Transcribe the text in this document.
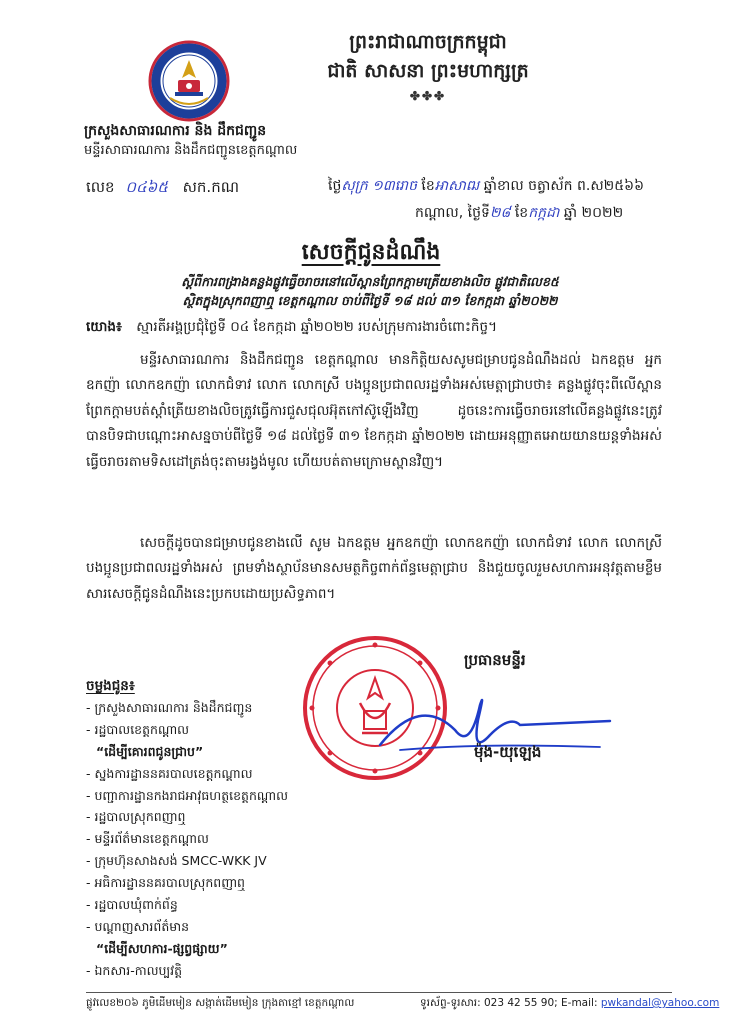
ព្រះរាជាណាចក្រកម្ពុជា
ជាតិ សាសនា ព្រះមហាក្សត្រ
✤✤✤
ក្រសួងសាធារណការ និង ដឹកជញ្ជូន
មន្ទីរសាធារណការ និងដឹកជញ្ជូនខេត្តកណ្តាល
លេខ ០៤៦៥ សក.កណ	ថ្ងៃសុក្រ ១៣រោច ខែអាសាឍ ឆ្នាំខាល ចត្វាស័ក ព.ស២៥៦៦
កណ្តាល, ថ្ងៃទី២៨ ខែកក្កដា ឆ្នាំ ២០២២
សេចក្តីជូនដំណឹង
ស្តីពីការពង្រាងគន្លងផ្លូវធ្វើចរាចរនៅលើស្ពានព្រែកក្តាមត្រើយខាងលិច ផ្លូវជាតិលេខ៥
ស្ថិតក្នុងស្រុកពញាឮ ខេត្តកណ្តាល ចាប់ពីថ្ងៃទី ១៨ ដល់ ៣១ ខែកក្កដា ឆ្នាំ២០២២
យោង៖ ស្មារតីអង្គប្រជុំថ្ងៃទី ០៤ ខែកក្កដា ឆ្នាំ២០២២ របស់ក្រុមការងារចំពោះកិច្ច។
មន្ទីរសាធារណការ និងដឹកជញ្ជូន ខេត្តកណ្តាល មានកិត្តិយសសូមជម្រាបជូនដំណឹងដល់ ឯកឧត្តម អ្នកឧកញ៉ា លោកឧកញ៉ា លោកជំទាវ លោក លោកស្រី បងប្អូនប្រជាពលរដ្ឋទាំងអស់មេត្តាជ្រាបថា៖ គន្លងផ្លូវចុះពីលើស្ពានព្រែកក្តាមបត់ស្តាំត្រើយខាងលិចត្រូវធ្វើការជួសជុលអ៊ុតកៅស៊ូឡើងវិញ ដូចនេះការធ្វើចរាចរនៅលើគន្លងផ្លូវនេះត្រូវបានបិទជាបណ្តោះអាសន្នចាប់ពីថ្ងៃទី ១៨ ដល់ថ្ងៃទី ៣១ ខែកក្កដា ឆ្នាំ២០២២ ដោយអនុញ្ញាតអោយយានយន្តទាំងអស់ធ្វើចរាចរតាមទិសដៅត្រង់ចុះតាមរង្វង់មូល ហើយបត់តាមក្រោមស្ពានវិញ។
សេចក្តីដូចបានជម្រាបជូនខាងលើ សូម ឯកឧត្តម អ្នកឧកញ៉ា លោកឧកញ៉ា លោកជំទាវ លោក លោកស្រី បងប្អូនប្រជាពលរដ្ឋទាំងអស់ ព្រមទាំងស្ថាប័នមានសមត្ថកិច្ចពាក់ព័ន្ធមេត្តាជ្រាប និងជួយចូលរួមសហការអនុវត្តតាមខ្លឹមសារសេចក្តីជូនដំណឹងនេះប្រកបដោយប្រសិទ្ធភាព។
ប្រធានមន្ទីរ
ម៉ុង-យុឡេង
ចម្លងជូន៖
- ក្រសួងសាធារណការ និងដឹកជញ្ជូន
- រដ្ឋបាលខេត្តកណ្តាល
“ដើម្បីគោរពជូនជ្រាប”
- ស្នងការដ្ឋាននគរបាលខេត្តកណ្តាល
- បញ្ជាការដ្ឋានកងរាជអាវុធហត្ថខេត្តកណ្តាល
- រដ្ឋបាលស្រុកពញាឮ
- មន្ទីរព័ត៌មានខេត្តកណ្តាល
- ក្រុមហ៊ុនសាងសង់ SMCC-WKK JV
- អធិការដ្ឋាននគរបាលស្រុកពញាឮ
- រដ្ឋបាលឃុំពាក់ព័ន្ធ
- បណ្តាញសារព័ត៌មាន
“ដើម្បីសហការ-ផ្សព្វផ្សាយ”
- ឯកសារ-កាលប្បវត្តិ
ផ្លូវលេខ២០៦ ភូមិដើមមៀន សង្កាត់ដើមមៀន ក្រុងតាខ្មៅ ខេត្តកណ្តាល	ទូរស័ព្ទ-ទូរសារ: 023 42 55 90; E-mail: pwkandal@yahoo.com
